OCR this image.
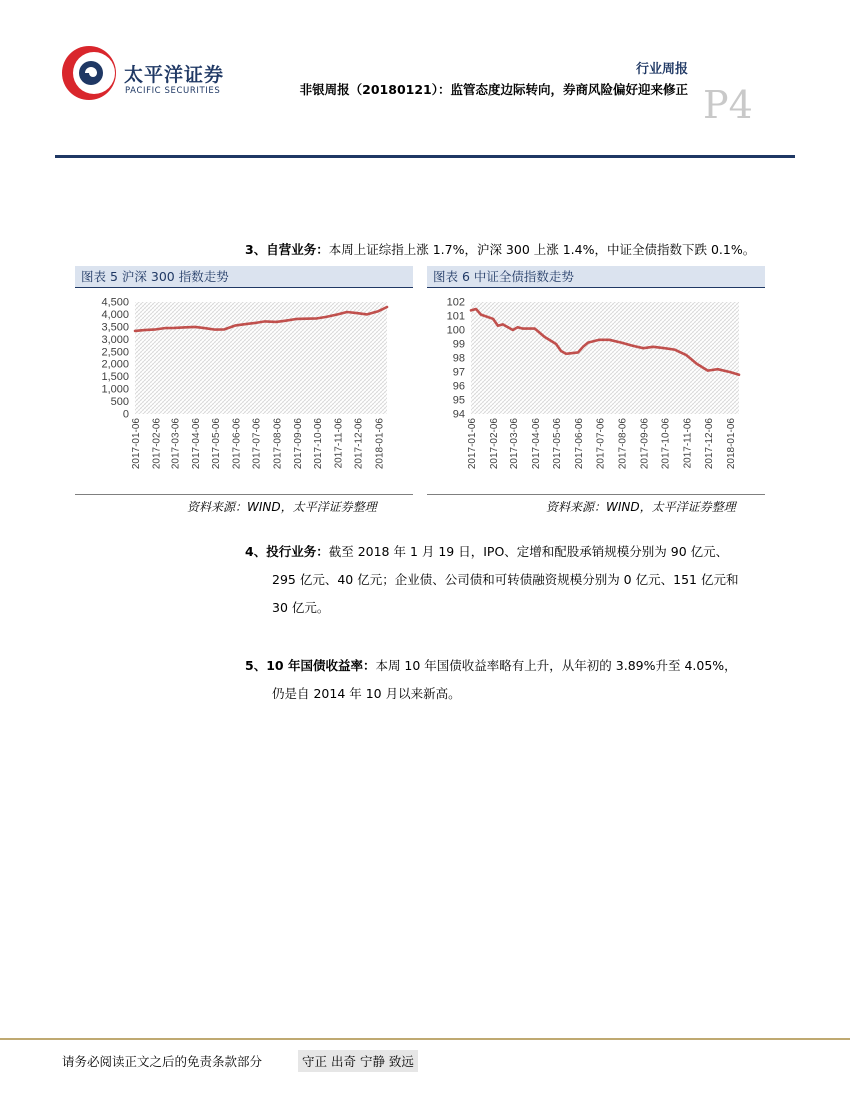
太平洋证券
PACIFIC SECURITIES
行业周报
非银周报（20180121）：监管态度边际转向，券商风险偏好迎来修正 P4
3、自营业务：本周上证综指上涨 1.7%，沪深 300 上涨 1.4%，中证全债指数下跌 0.1%。
图表 5 沪深 300 指数走势
0
500
1,000
1,500
2,000
2,500
3,000
3,500
4,000
4,500
2017-01-06 2017-02-06 2017-03-06 2017-04-06 2017-05-06 2017-06-06 2017-07-06 2017-08-06 2017-09-06 2017-10-06 2017-11-06 2017-12-06 2018-01-06
资料来源：WIND，太平洋证券整理
图表 6 中证全债指数走势
94
95
96
97
98
99
100
101
102
2017-01-06 2017-02-06 2017-03-06 2017-04-06 2017-05-06 2017-06-06 2017-07-06 2017-08-06 2017-09-06 2017-10-06 2017-11-06 2017-12-06 2018-01-06
资料来源：WIND，太平洋证券整理
4、投行业务：截至 2018 年 1 月 19 日，IPO、定增和配股承销规模分别为 90 亿元、
295 亿元、40 亿元；企业债、公司债和可转债融资规模分别为 0 亿元、151 亿元和
30 亿元。
5、10 年国债收益率：本周 10 年国债收益率略有上升，从年初的 3.89%升至 4.05%，
仍是自 2014 年 10 月以来新高。
请务必阅读正文之后的免责条款部分	守正 出奇 宁静 致远
